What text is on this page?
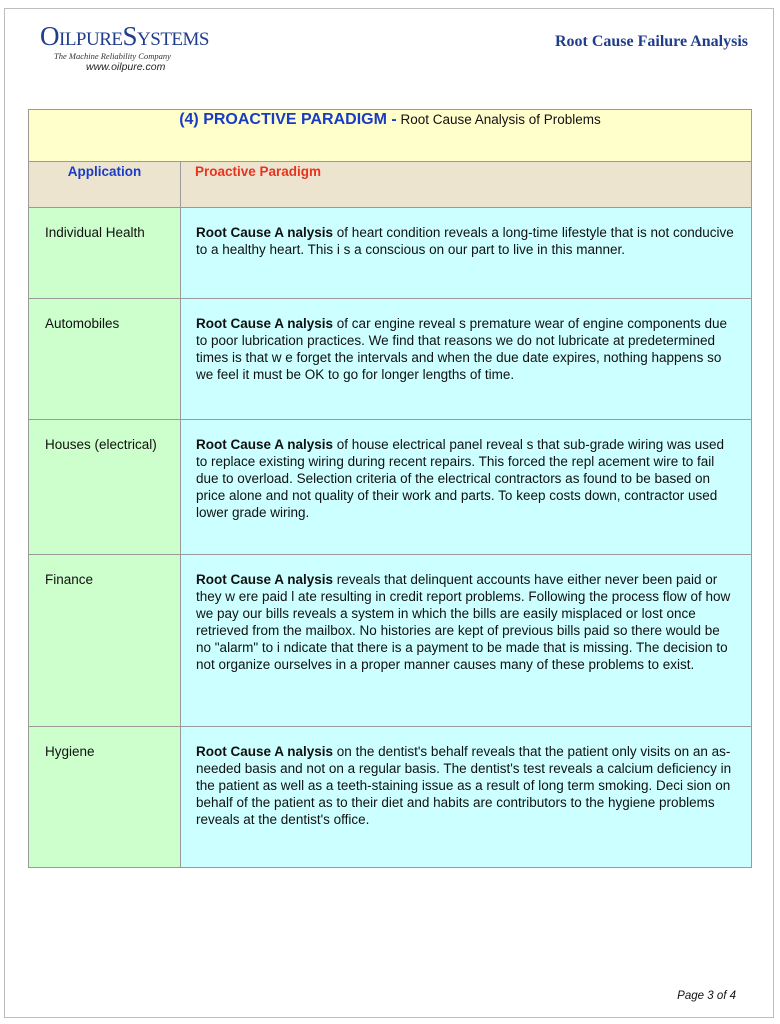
OILPURESYSTEMS
The Machine Reliability Company
www.oilpure.com
Root Cause Failure Analysis
(4) PROACTIVE PARADIGM - Root Cause Analysis of Problems	
Application	Proactive Paradigm
Individual Health	Root Cause A nalysis of heart condition reveals a long-time lifestyle that is not conducive to a healthy heart. This i s a conscious on our part to live in this manner.
Automobiles	Root Cause A nalysis of car engine reveal s premature wear of engine components due to poor lubrication practices. We find that reasons we do not lubricate at predetermined times is that w e forget the intervals and when the due date expires, nothing happens so we feel it must be OK to go for longer lengths of time.
Houses (electrical)	Root Cause A nalysis of house electrical panel reveal s that sub-grade wiring was used to replace existing wiring during recent repairs. This forced the repl acement wire to fail due to overload. Selection criteria of the electrical contractors as found to be based on price alone and not quality of their work and parts. To keep costs down, contractor used lower grade wiring.
Finance	Root Cause A nalysis reveals that delinquent accounts have either never been paid or they w ere paid l ate resulting in credit report problems. Following the process flow of how we pay our bills reveals a system in which the bills are easily misplaced or lost once retrieved from the mailbox. No histories are kept of previous bills paid so there would be no "alarm" to i ndicate that there is a payment to be made that is missing. The decision to not organize ourselves in a proper manner causes many of these problems to exist.
Hygiene	Root Cause A nalysis on the dentist's behalf reveals that the patient only visits on an as-needed basis and not on a regular basis. The dentist's test reveals a calcium deficiency in the patient as well as a teeth-staining issue as a result of long term smoking. Deci sion on behalf of the patient as to their diet and habits are contributors to the hygiene problems reveals at the dentist's office.
Page 3 of 4
